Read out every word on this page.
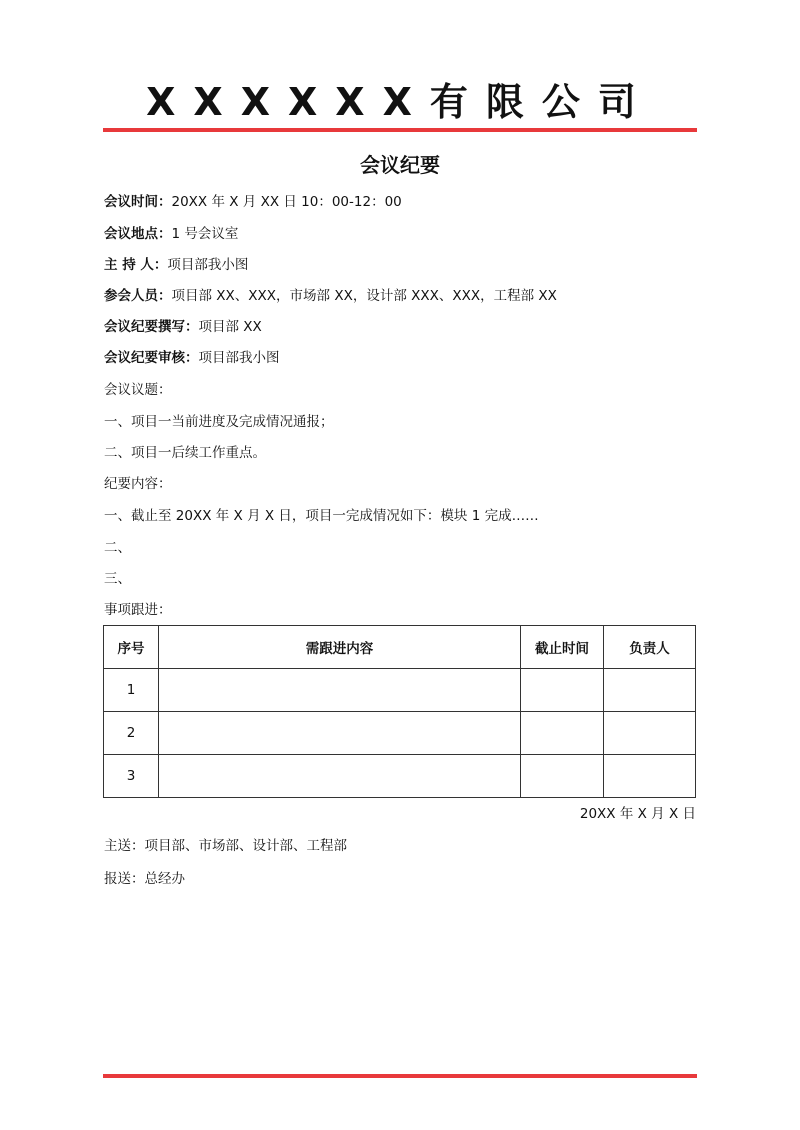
XXXXXX有限公司
会议纪要
会议时间：20XX 年 X 月 XX 日 10：00-12：00
会议地点：1 号会议室
主 持 人：项目部我小图
参会人员：项目部 XX、XXX，市场部 XX，设计部 XXX、XXX，工程部 XX
会议纪要撰写：项目部 XX
会议纪要审核：项目部我小图
会议议题：
一、项目一当前进度及完成情况通报；
二、项目一后续工作重点。
纪要内容：
一、截止至 20XX 年 X 月 X 日，项目一完成情况如下：模块 1 完成……
二、
三、
事项跟进：
序号	需跟进内容	截止时间	负责人
1			
2			
3			
20XX 年 X 月 X 日
主送：项目部、市场部、设计部、工程部
报送：总经办
